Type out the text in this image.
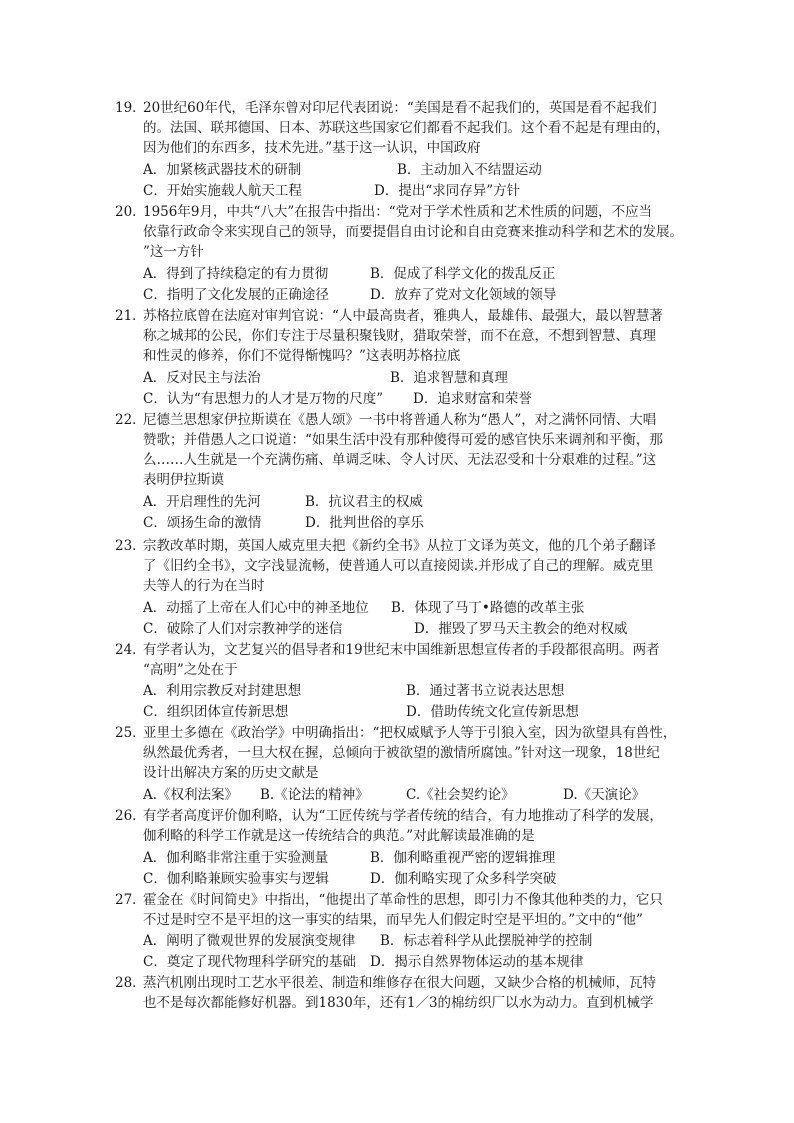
19．
20世纪60年代，毛泽东曾对印尼代表团说：“美国是看不起我们的，英国是看不起我们
的。法国、联邦德国、日本、苏联这些国家它们都看不起我们。这个看不起是有理由的，
因为他们的东西多，技术先进。”基于这一认识，中国政府
A．加紧核武器技术的研制	B．主动加入不结盟运动
C．开始实施载人航天工程	D．提出“求同存异”方针
20．
1956年9月，中共“八大”在报告中指出：“党对于学术性质和艺术性质的问题，不应当
依靠行政命令来实现自己的领导，而要提倡自由讨论和自由竞赛来推动科学和艺术的发展。
”这一方针
A．得到了持续稳定的有力贯彻	B．促成了科学文化的拨乱反正
C．指明了文化发展的正确途径	D．放弃了党对文化领域的领导
21．
苏格拉底曾在法庭对审判官说：“人中最高贵者，雅典人，最雄伟、最强大，最以智慧著
称之城邦的公民，你们专注于尽量积聚钱财，猎取荣誉，而不在意，不想到智慧、真理
和性灵的修养，你们不觉得惭愧吗？”这表明苏格拉底
A．反对民主与法治	B．追求智慧和真理
C．认为“有思想力的人才是万物的尺度” D．追求财富和荣誉
22．
尼德兰思想家伊拉斯谟在《愚人颂》一书中将普通人称为“愚人”，对之满怀同情、大唱
赞歌；并借愚人之口说道：“如果生活中没有那种傻得可爱的感官快乐来调剂和平衡，那
么……人生就是一个充满伤痛、单调乏味、令人讨厌、无法忍受和十分艰难的过程。”这
表明伊拉斯谟
A．开启理性的先河	B．抗议君主的权威
C．颂扬生命的激情	D．批判世俗的享乐
23．
宗教改革时期，英国人威克里夫把《新约全书》从拉丁文译为英文，他的几个弟子翻译
了《旧约全书》，文字浅显流畅，使普通人可以直接阅读.并形成了自己的理解。威克里
夫等人的行为在当时
A．动摇了上帝在人们心中的神圣地位 B．体现了马丁•路德的改革主张
C．破除了人们对宗教神学的迷信	D．摧毁了罗马天主教会的绝对权威
24．
有学者认为，文艺复兴的倡导者和19世纪末中国维新思想宣传者的手段都很高明。两者
“高明”之处在于
A．利用宗教反对封建思想	B．通过著书立说表达思想
C．组织团体宣传新思想	D．借助传统文化宣传新思想
25．
亚里士多德在《政治学》中明确指出：“把权威赋予人等于引狼入室，因为欲望具有兽性，
纵然最优秀者，一旦大权在握，总倾向于被欲望的激情所腐蚀。”针对这一现象，18世纪
设计出解决方案的历史文献是
A.《权利法案》 B.《论法的精神》	C.《社会契约论》	D.《天演论》
26．
有学者高度评价伽利略，认为“工匠传统与学者传统的结合，有力地推动了科学的发展，
伽利略的科学工作就是这一传统结合的典范。”对此解读最准确的是
A．伽利略非常注重于实验测量	B．伽利略重视严密的逻辑推理
C．伽利略兼顾实验事实与逻辑	D．伽利略实现了众多科学突破
27．
霍金在《时间简史》中指出，“他提出了革命性的思想，即引力不像其他种类的力，它只
不过是时空不是平坦的这一事实的结果，而早先人们假定时空是平坦的。”文中的“他”
A．阐明了微观世界的发展演变规律 B．标志着科学从此摆脱神学的控制
C．奠定了现代物理科学研究的基础 D．揭示自然界物体运动的基本规律
28．
蒸汽机刚出现时工艺水平很差、制造和维修存在很大问题，又缺少合格的机械师，瓦特
也不是每次都能修好机器。到1830年，还有1／3的棉纺织厂以水为动力。直到机械学
